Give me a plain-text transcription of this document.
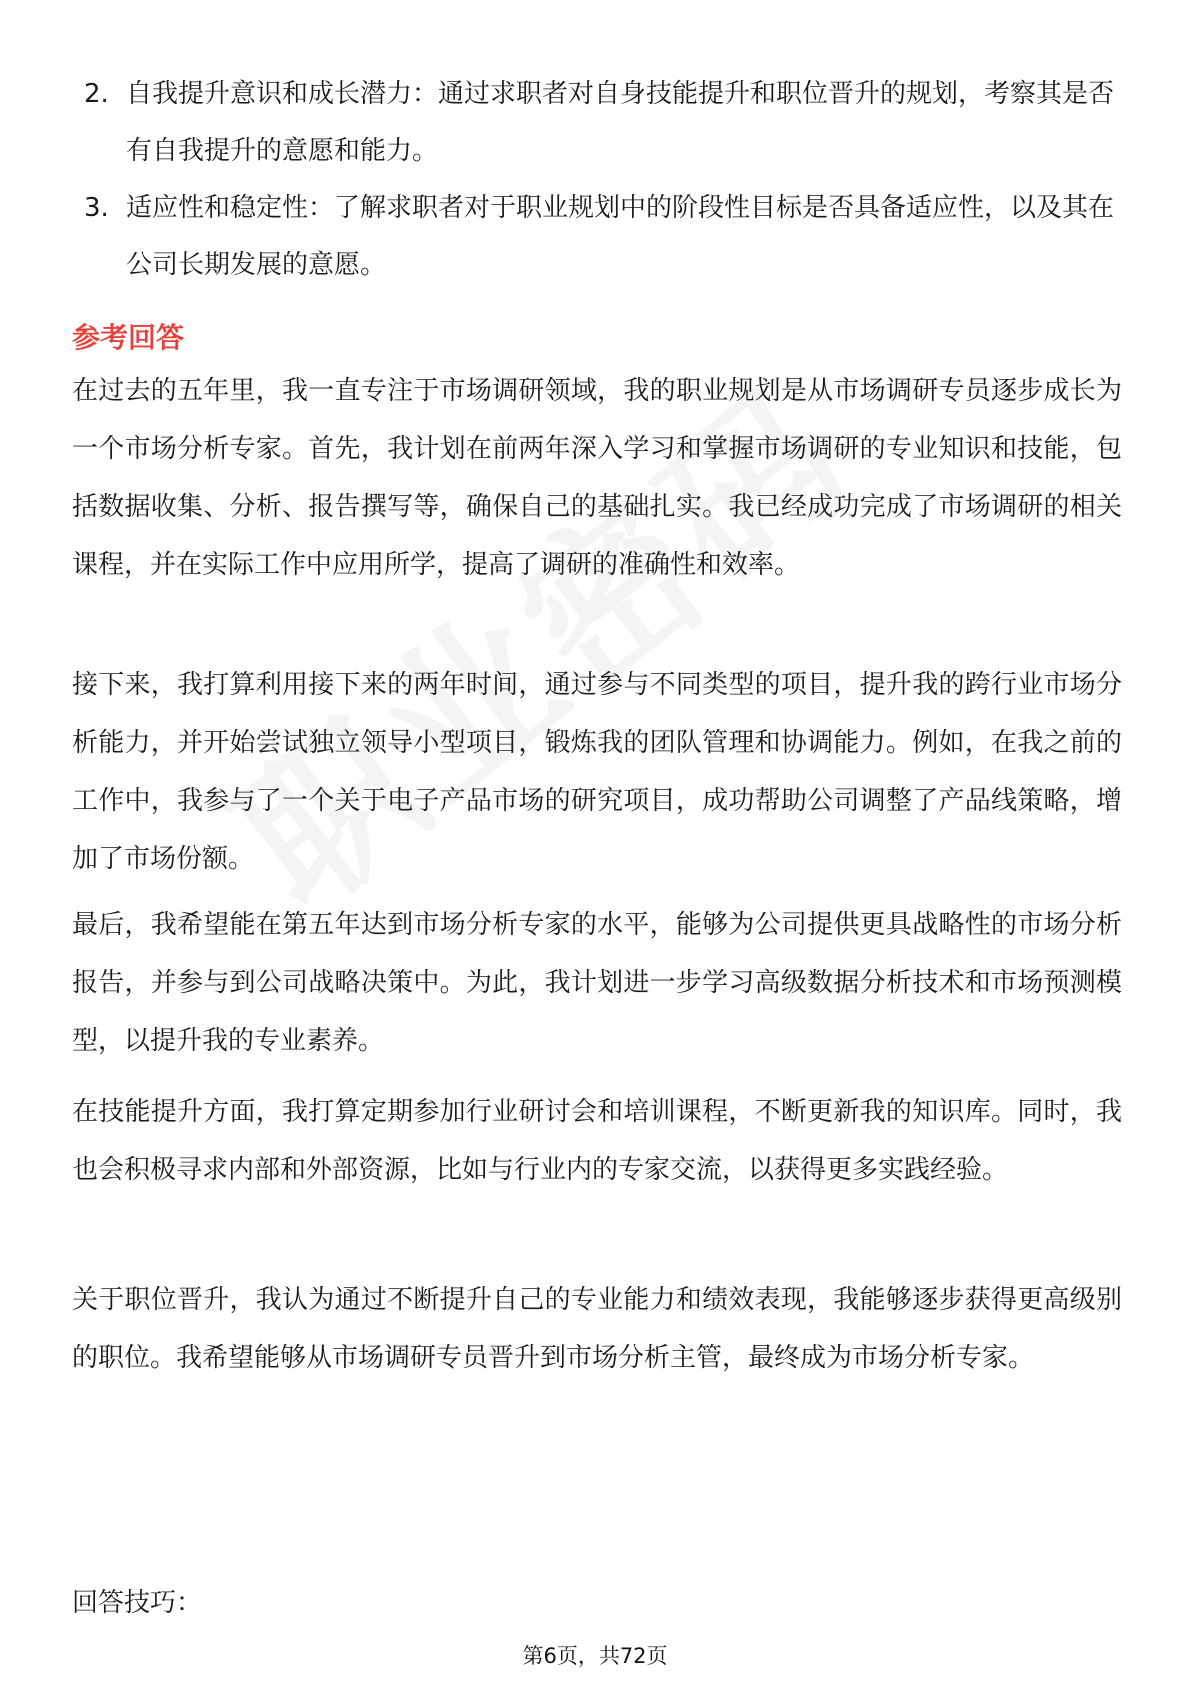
2. 自我提升意识和成长潜力：通过求职者对自身技能提升和职位晋升的规划，考察其是否有自我提升的意愿和能力。
3. 适应性和稳定性：了解求职者对于职业规划中的阶段性目标是否具备适应性，以及其在公司长期发展的意愿。
参考回答

在过去的五年里，我一直专注于市场调研领域，我的职业规划是从市场调研专员逐步成长为一个市场分析专家。首先，我计划在前两年深入学习和掌握市场调研的专业知识和技能，包括数据收集、分析、报告撰写等，确保自己的基础扎实。我已经成功完成了市场调研的相关课程，并在实际工作中应用所学，提高了调研的准确性和效率。

接下来，我打算利用接下来的两年时间，通过参与不同类型的项目，提升我的跨行业市场分析能力，并开始尝试独立领导小型项目，锻炼我的团队管理和协调能力。例如，在我之前的工作中，我参与了一个关于电子产品市场的研究项目，成功帮助公司调整了产品线策略，增加了市场份额。

最后，我希望能在第五年达到市场分析专家的水平，能够为公司提供更具战略性的市场分析报告，并参与到公司战略决策中。为此，我计划进一步学习高级数据分析技术和市场预测模型，以提升我的专业素养。

在技能提升方面，我打算定期参加行业研讨会和培训课程，不断更新我的知识库。同时，我也会积极寻求内部和外部资源，比如与行业内的专家交流，以获得更多实践经验。

关于职位晋升，我认为通过不断提升自己的专业能力和绩效表现，我能够逐步获得更高级别的职位。我希望能够从市场调研专员晋升到市场分析主管，最终成为市场分析专家。

回答技巧：

第6页，共72页
